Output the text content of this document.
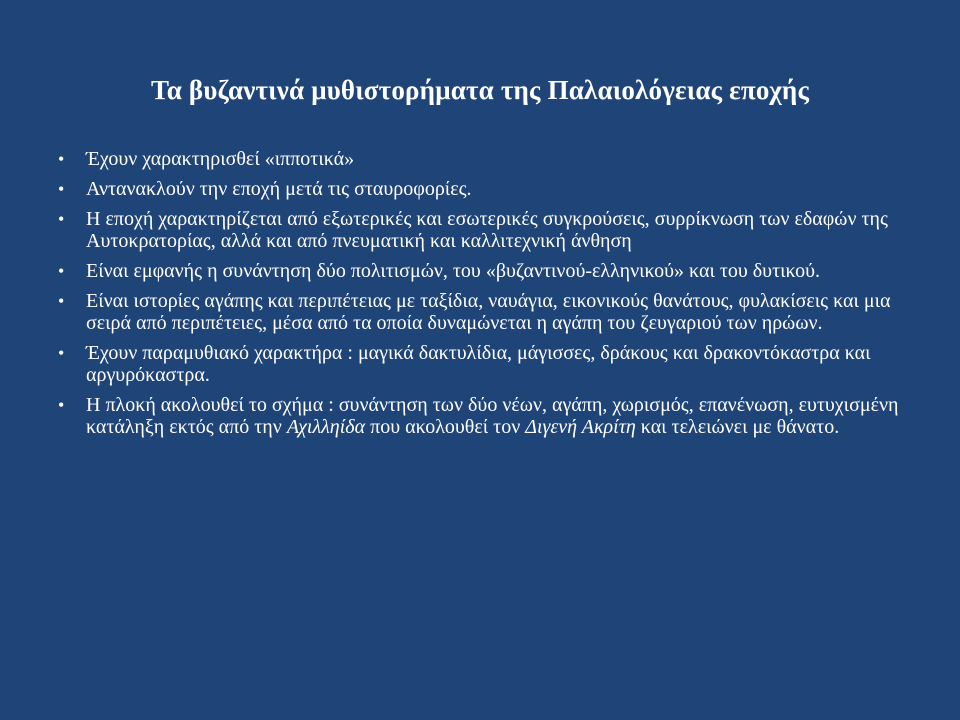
Τα βυζαντινά μυθιστορήματα της Παλαιολόγειας εποχής
• Έχουν χαρακτηρισθεί «ιπποτικά»
• Αντανακλούν την εποχή μετά τις σταυροφορίες.
• Η εποχή χαρακτηρίζεται από εξωτερικές και εσωτερικές συγκρούσεις, συρρίκνωση των εδαφών της Αυτοκρατορίας, αλλά και από πνευματική και καλλιτεχνική άνθηση
• Είναι εμφανής η συνάντηση δύο πολιτισμών, του «βυζαντινού-ελληνικού» και του δυτικού.
• Είναι ιστορίες αγάπης και περιπέτειας με ταξίδια, ναυάγια, εικονικούς θανάτους, φυλακίσεις και μια σειρά από περιπέτειες, μέσα από τα οποία δυναμώνεται η αγάπη του ζευγαριού των ηρώων.
• Έχουν παραμυθιακό χαρακτήρα : μαγικά δακτυλίδια, μάγισσες, δράκους και δρακοντόκαστρα και αργυρόκαστρα.
• Η πλοκή ακολουθεί το σχήμα : συνάντηση των δύο νέων, αγάπη, χωρισμός, επανένωση, ευτυχισμένη κατάληξη εκτός από την Αχιλληίδα που ακολουθεί τον Διγενή Ακρίτη και τελειώνει με θάνατο.
